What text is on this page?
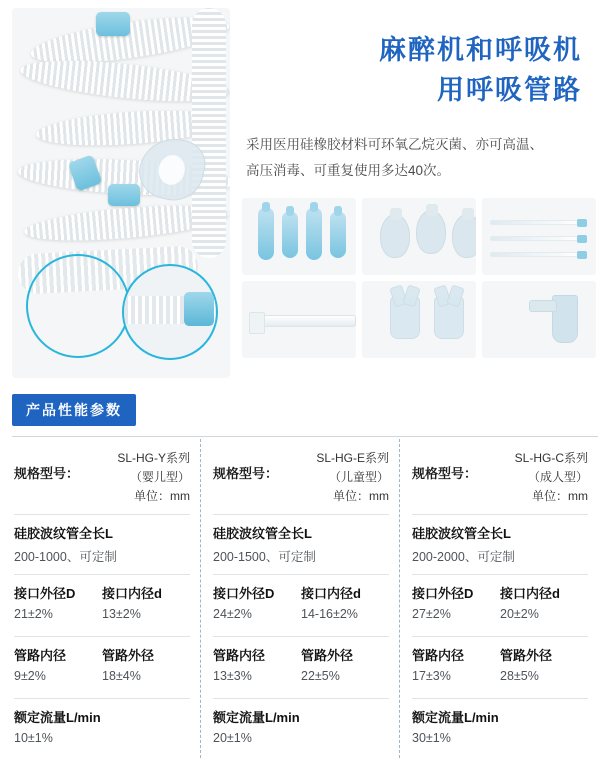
麻醉机和呼吸机
用呼吸管路
采用医用硅橡胶材料可环氧乙烷灭菌、亦可高温、
高压消毒、可重复使用多达40次。
产品性能参数
规格型号：
SL-HG-Y系列
（婴儿型）
单位：mm
硅胶波纹管全长L
200-1000、可定制
接口外径D
21±2%
接口内径d
13±2%
管路内径
9±2%
管路外径
18±4%
额定流量L/min
10±1%
规格型号：
SL-HG-E系列
（儿童型）
单位：mm
硅胶波纹管全长L
200-1500、可定制
接口外径D
24±2%
接口内径d
14-16±2%
管路内径
13±3%
管路外径
22±5%
额定流量L/min
20±1%
规格型号：
SL-HG-C系列
（成人型）
单位：mm
硅胶波纹管全长L
200-2000、可定制
接口外径D
27±2%
接口内径d
20±2%
管路内径
17±3%
管路外径
28±5%
额定流量L/min
30±1%
